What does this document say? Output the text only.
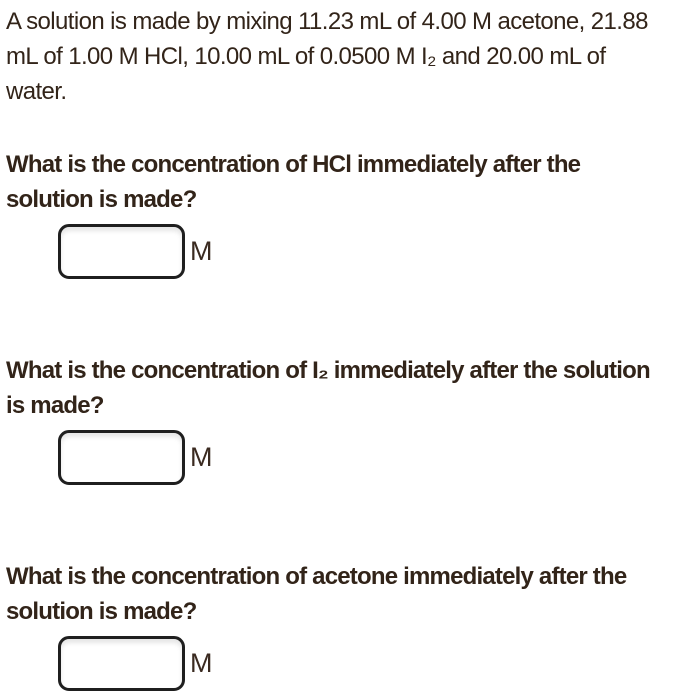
A solution is made by mixing 11.23 mL of 4.00 M acetone, 21.88 mL of 1.00 M HCl, 10.00 mL of 0.0500 M I₂ and 20.00 mL of water.

What is the concentration of HCl immediately after the solution is made?

M

What is the concentration of I₂ immediately after the solution is made?

M

What is the concentration of acetone immediately after the solution is made?

M
